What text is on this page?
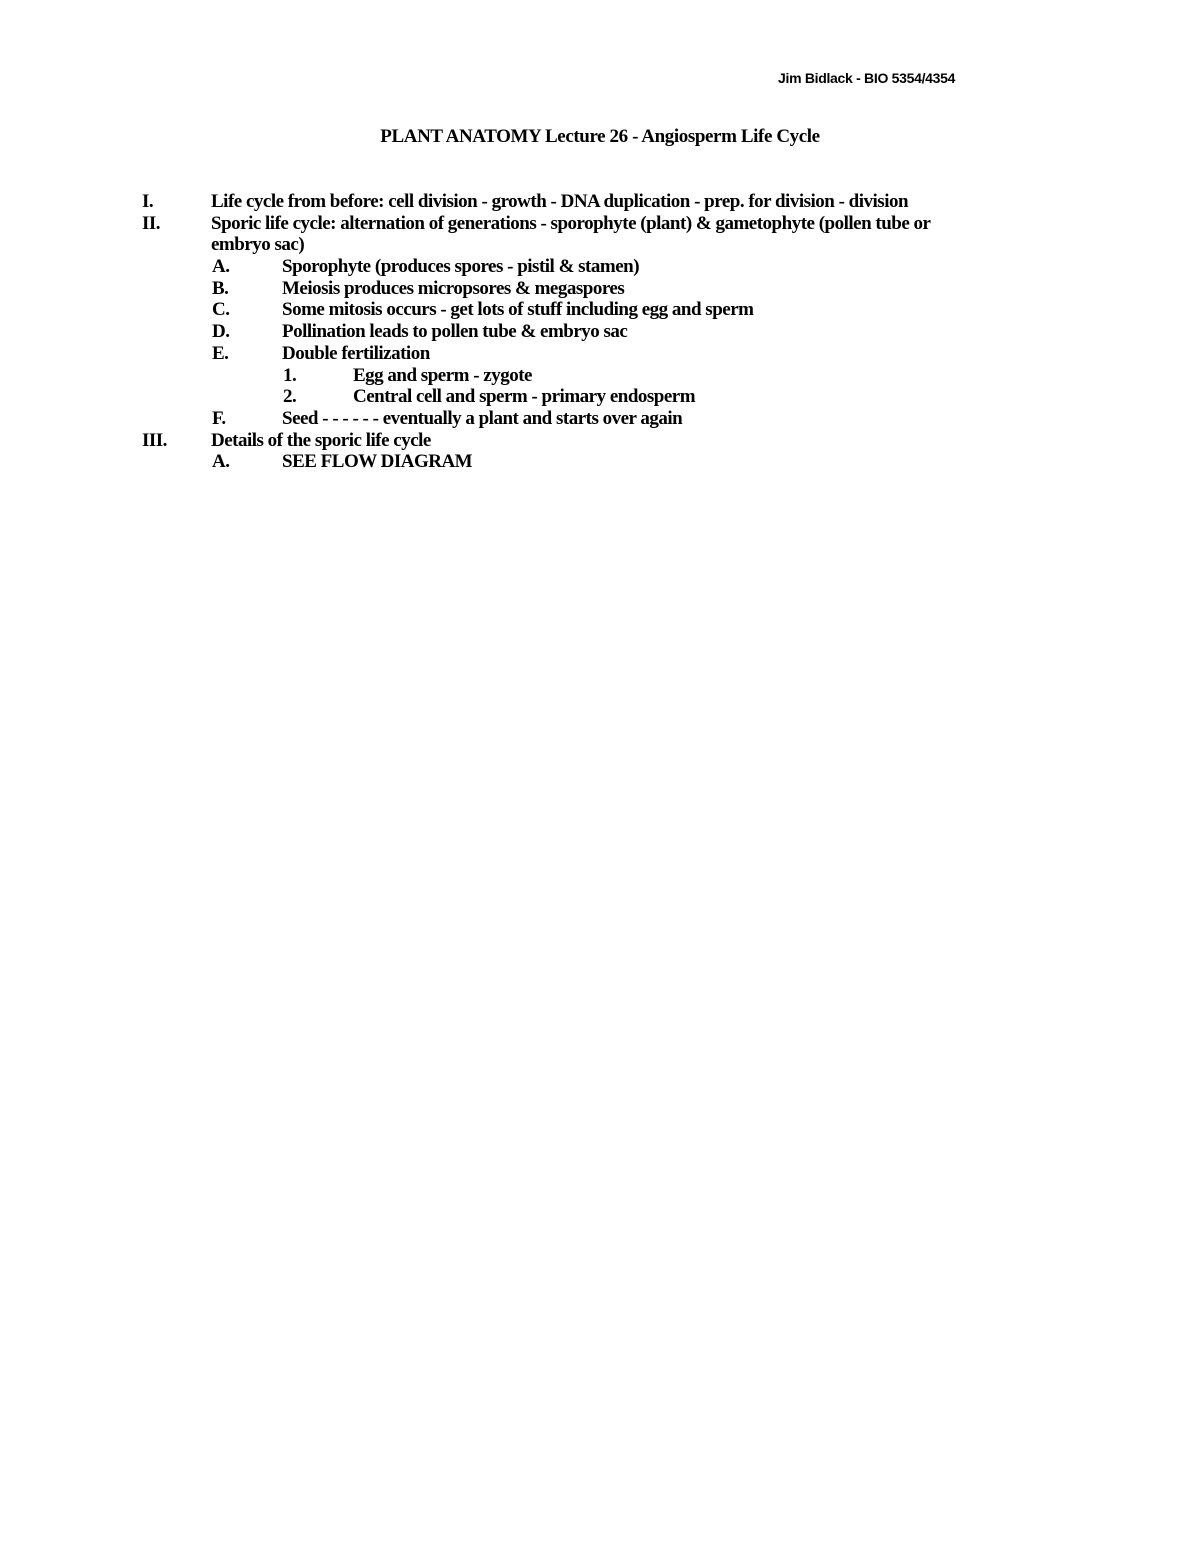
Jim Bidlack - BIO 5354/4354
PLANT ANATOMY Lecture 26 - Angiosperm Life Cycle
I.	Life cycle from before: cell division - growth - DNA duplication - prep. for division - division
II.	Sporic life cycle: alternation of generations - sporophyte (plant) & gametophyte (pollen tube or
embryo sac)
A.	Sporophyte (produces spores - pistil & stamen)
B.	Meiosis produces micropsores & megaspores
C.	Some mitosis occurs - get lots of stuff including egg and sperm
D.	Pollination leads to pollen tube & embryo sac
E.	Double fertilization
1.	Egg and sperm - zygote
2.	Central cell and sperm - primary endosperm
F.	Seed - - - - - - eventually a plant and starts over again
III. Details of the sporic life cycle
A.	SEE FLOW DIAGRAM
